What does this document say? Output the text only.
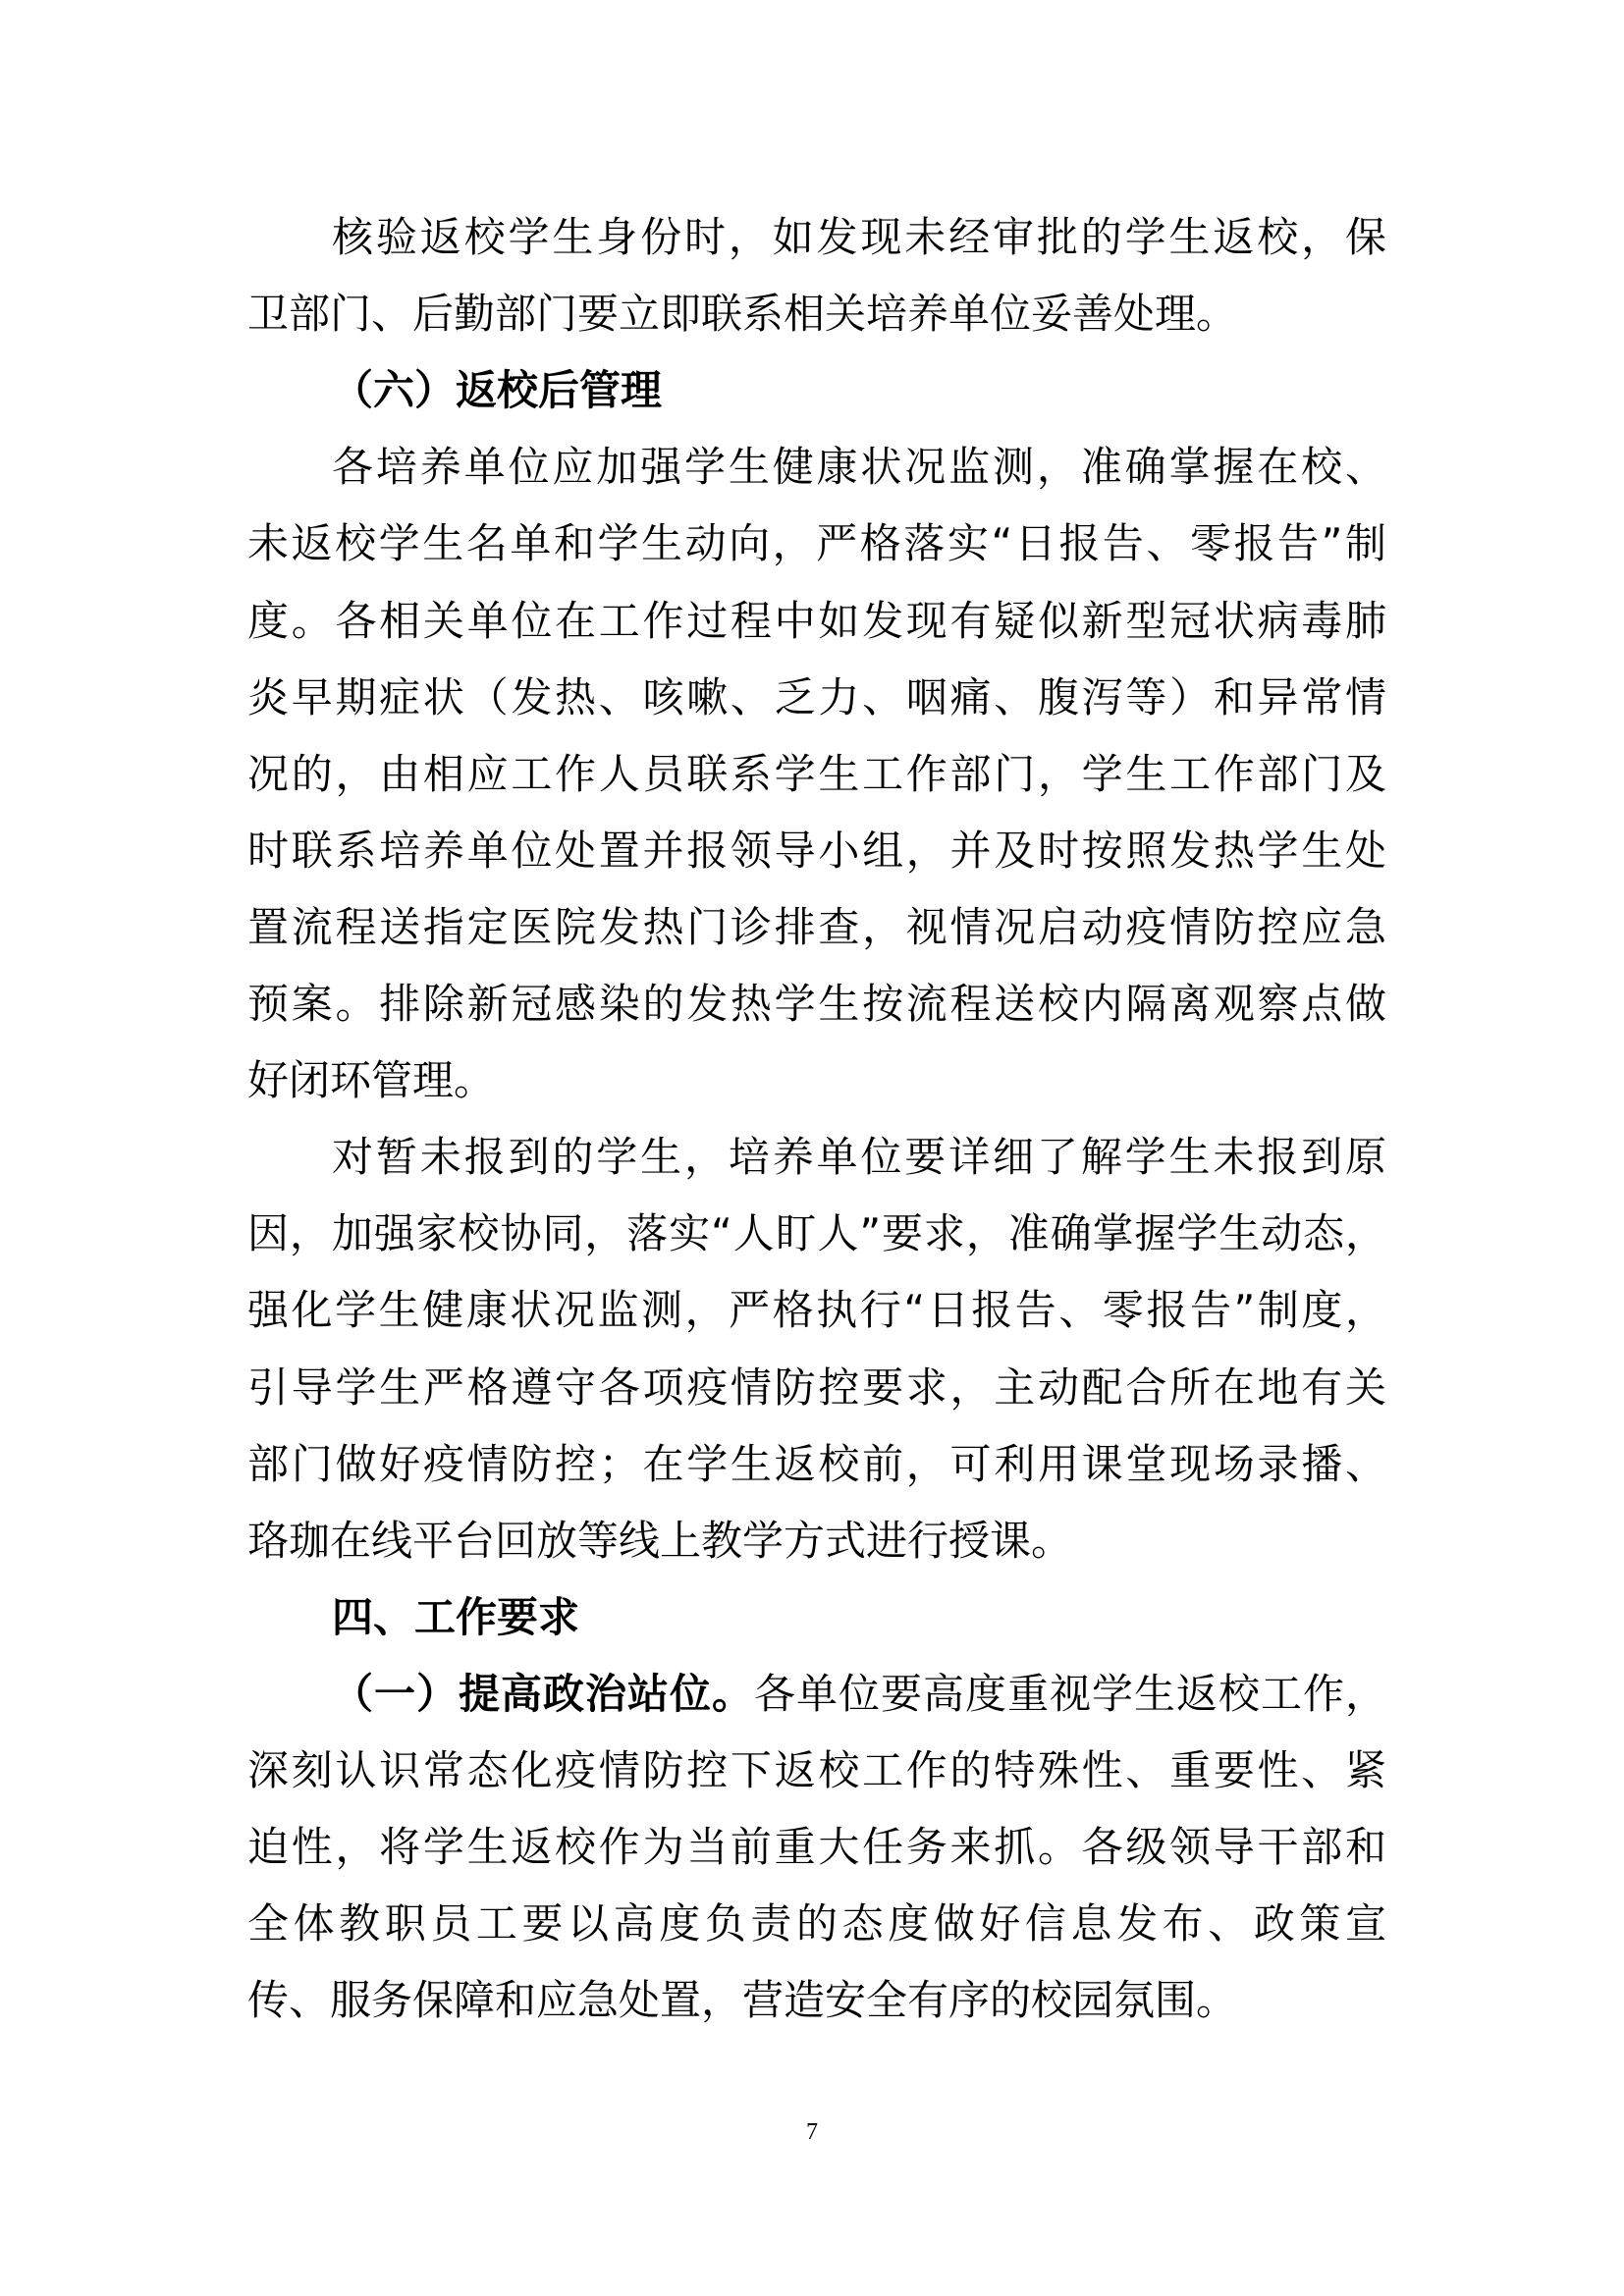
核验返校学生身份时，如发现未经审批的学生返校，保
卫部门、后勤部门要立即联系相关培养单位妥善处理。
（六）返校后管理
各培养单位应加强学生健康状况监测，准确掌握在校、
未返校学生名单和学生动向，严格落实“日报告、零报告”制
度。各相关单位在工作过程中如发现有疑似新型冠状病毒肺
炎早期症状（发热、咳嗽、乏力、咽痛、腹泻等）和异常情
况的，由相应工作人员联系学生工作部门，学生工作部门及
时联系培养单位处置并报领导小组，并及时按照发热学生处
置流程送指定医院发热门诊排查，视情况启动疫情防控应急
预案。排除新冠感染的发热学生按流程送校内隔离观察点做
好闭环管理。
对暂未报到的学生，培养单位要详细了解学生未报到原
因，加强家校协同，落实“人盯人”要求，准确掌握学生动态，
强化学生健康状况监测，严格执行“日报告、零报告”制度，
引导学生严格遵守各项疫情防控要求，主动配合所在地有关
部门做好疫情防控；在学生返校前，可利用课堂现场录播、
珞珈在线平台回放等线上教学方式进行授课。
四、工作要求
（一）提高政治站位。各单位要高度重视学生返校工作，
深刻认识常态化疫情防控下返校工作的特殊性、重要性、紧
迫性，将学生返校作为当前重大任务来抓。各级领导干部和
全体教职员工要以高度负责的态度做好信息发布、政策宣
传、服务保障和应急处置，营造安全有序的校园氛围。
7
